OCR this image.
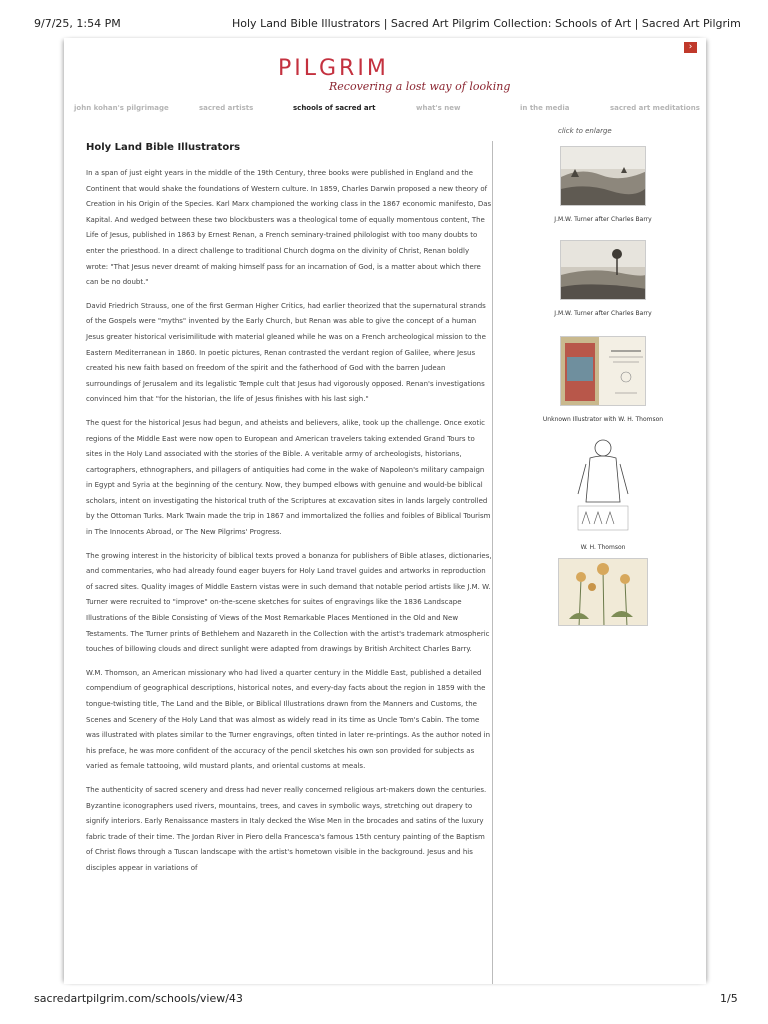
9/7/25, 1:54 PM	Holy Land Bible Illustrators | Sacred Art Pilgrim Collection: Schools of Art | Sacred Art Pilgrim
›
PILGRIM
Recovering a lost way of looking
john kohan's pilgrimage	sacred artists	schools of sacred art	what's new	in the media	sacred art meditations
click to enlarge
Holy Land Bible Illustrators

In a span of just eight years in the middle of the 19th Century, three books were published in England and the Continent that would shake the foundations of Western culture. In 1859, Charles Darwin proposed a new theory of Creation in his Origin of the Species. Karl Marx championed the working class in the 1867 economic manifesto, Das Kapital. And wedged between these two blockbusters was a theological tome of equally momentous content, The Life of Jesus, published in 1863 by Ernest Renan, a French seminary-trained philologist with too many doubts to enter the priesthood. In a direct challenge to traditional Church dogma on the divinity of Christ, Renan boldly wrote: "That Jesus never dreamt of making himself pass for an incarnation of God, is a matter about which there can be no doubt."

David Friedrich Strauss, one of the first German Higher Critics, had earlier theorized that the supernatural strands of the Gospels were "myths" invented by the Early Church, but Renan was able to give the concept of a human Jesus greater historical verisimilitude with material gleaned while he was on a French archeological mission to the Eastern Mediterranean in 1860. In poetic pictures, Renan contrasted the verdant region of Galilee, where Jesus created his new faith based on freedom of the spirit and the fatherhood of God with the barren Judean surroundings of Jerusalem and its legalistic Temple cult that Jesus had vigorously opposed. Renan's investigations convinced him that "for the historian, the life of Jesus finishes with his last sigh."

The quest for the historical Jesus had begun, and atheists and believers, alike, took up the challenge. Once exotic regions of the Middle East were now open to European and American travelers taking extended Grand Tours to sites in the Holy Land associated with the stories of the Bible. A veritable army of archeologists, historians, cartographers, ethnographers, and pillagers of antiquities had come in the wake of Napoleon's military campaign in Egypt and Syria at the beginning of the century. Now, they bumped elbows with genuine and would-be biblical scholars, intent on investigating the historical truth of the Scriptures at excavation sites in lands largely controlled by the Ottoman Turks. Mark Twain made the trip in 1867 and immortalized the follies and foibles of Biblical Tourism in The Innocents Abroad, or The New Pilgrims' Progress.

The growing interest in the historicity of biblical texts proved a bonanza for publishers of Bible atlases, dictionaries, and commentaries, who had already found eager buyers for Holy Land travel guides and artworks in reproduction of sacred sites. Quality images of Middle Eastern vistas were in such demand that notable period artists like J.M. W. Turner were recruited to "improve" on-the-scene sketches for suites of engravings like the 1836 Landscape Illustrations of the Bible Consisting of Views of the Most Remarkable Places Mentioned in the Old and New Testaments. The Turner prints of Bethlehem and Nazareth in the Collection with the artist's trademark atmospheric touches of billowing clouds and direct sunlight were adapted from drawings by British Architect Charles Barry.

W.M. Thomson, an American missionary who had lived a quarter century in the Middle East, published a detailed compendium of geographical descriptions, historical notes, and every-day facts about the region in 1859 with the tongue-twisting title, The Land and the Bible, or Biblical Illustrations drawn from the Manners and Customs, the Scenes and Scenery of the Holy Land that was almost as widely read in its time as Uncle Tom's Cabin. The tome was illustrated with plates similar to the Turner engravings, often tinted in later re-printings. As the author noted in his preface, he was more confident of the accuracy of the pencil sketches his own son provided for subjects as varied as female tattooing, wild mustard plants, and oriental customs at meals.

The authenticity of sacred scenery and dress had never really concerned religious art-makers down the centuries. Byzantine iconographers used rivers, mountains, trees, and caves in symbolic ways, stretching out drapery to signify interiors. Early Renaissance masters in Italy decked the Wise Men in the brocades and satins of the luxury fabric trade of their time. The Jordan River in Piero della Francesca's famous 15th century painting of the Baptism of Christ flows through a Tuscan landscape with the artist's hometown visible in the background. Jesus and his disciples appear in variations of

J.M.W. Turner after Charles Barry
J.M.W. Turner after Charles Barry
Unknown Illustrator with W. H. Thomson
W. H. Thomson
sacredartpilgrim.com/schools/view/43	1/5
